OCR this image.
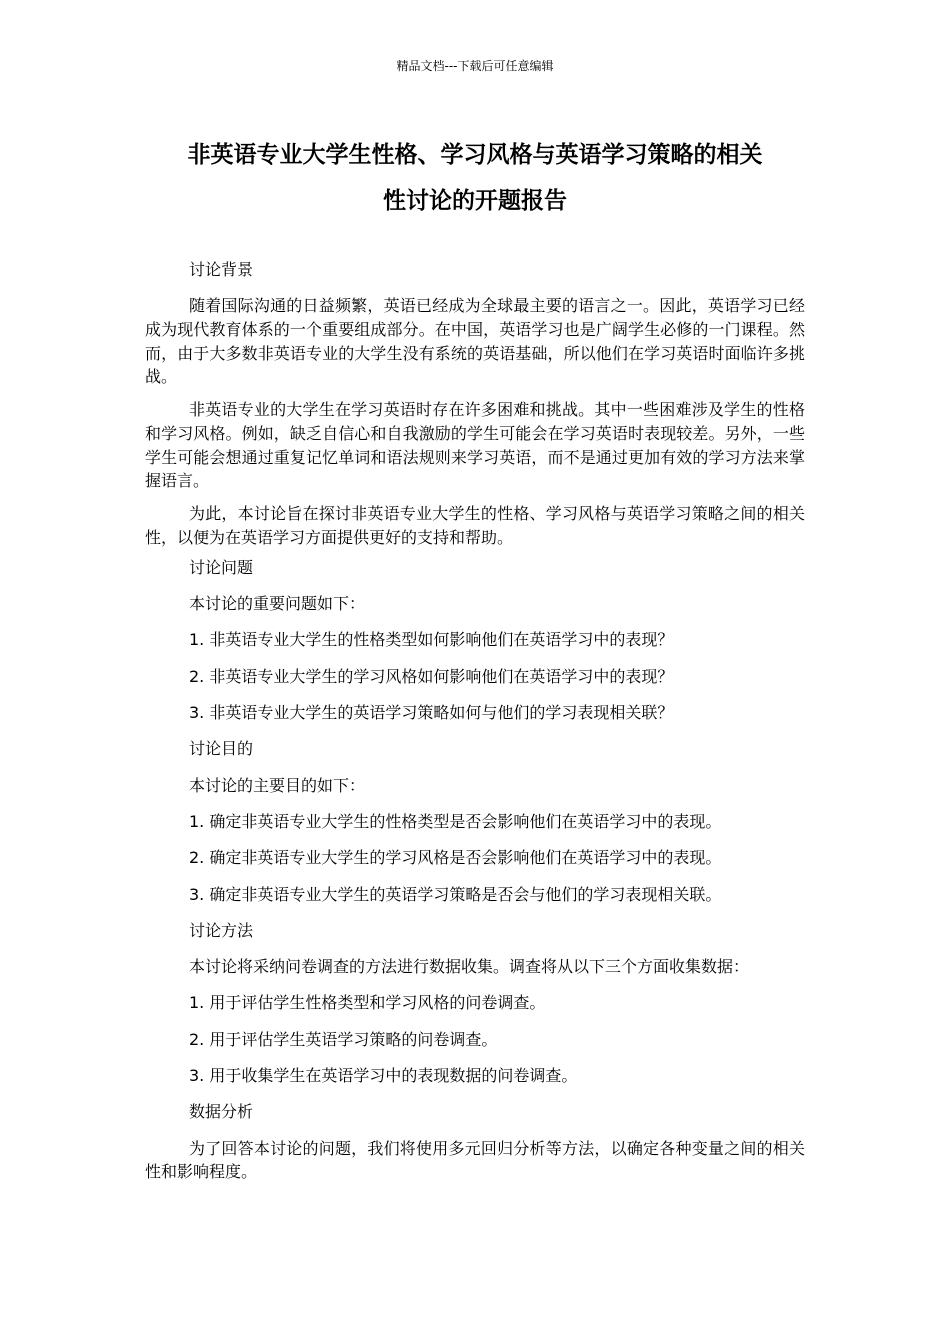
精品文档---下载后可任意编辑
非英语专业大学生性格、学习风格与英语学习策略的相关
性讨论的开题报告

讨论背景

随着国际沟通的日益频繁，英语已经成为全球最主要的语言之一。因此，英语学习已经成为现代教育体系的一个重要组成部分。在中国，英语学习也是广阔学生必修的一门课程。然而，由于大多数非英语专业的大学生没有系统的英语基础，所以他们在学习英语时面临许多挑战。

非英语专业的大学生在学习英语时存在许多困难和挑战。其中一些困难涉及学生的性格和学习风格。例如，缺乏自信心和自我激励的学生可能会在学习英语时表现较差。另外，一些学生可能会想通过重复记忆单词和语法规则来学习英语，而不是通过更加有效的学习方法来掌握语言。

为此，本讨论旨在探讨非英语专业大学生的性格、学习风格与英语学习策略之间的相关性，以便为在英语学习方面提供更好的支持和帮助。

讨论问题

本讨论的重要问题如下：

1. 非英语专业大学生的性格类型如何影响他们在英语学习中的表现？

2. 非英语专业大学生的学习风格如何影响他们在英语学习中的表现？

3. 非英语专业大学生的英语学习策略如何与他们的学习表现相关联？

讨论目的

本讨论的主要目的如下：

1. 确定非英语专业大学生的性格类型是否会影响他们在英语学习中的表现。

2. 确定非英语专业大学生的学习风格是否会影响他们在英语学习中的表现。

3. 确定非英语专业大学生的英语学习策略是否会与他们的学习表现相关联。

讨论方法

本讨论将采纳问卷调查的方法进行数据收集。调查将从以下三个方面收集数据：

1. 用于评估学生性格类型和学习风格的问卷调查。

2. 用于评估学生英语学习策略的问卷调查。

3. 用于收集学生在英语学习中的表现数据的问卷调查。

数据分析

为了回答本讨论的问题，我们将使用多元回归分析等方法，以确定各种变量之间的相关性和影响程度。
